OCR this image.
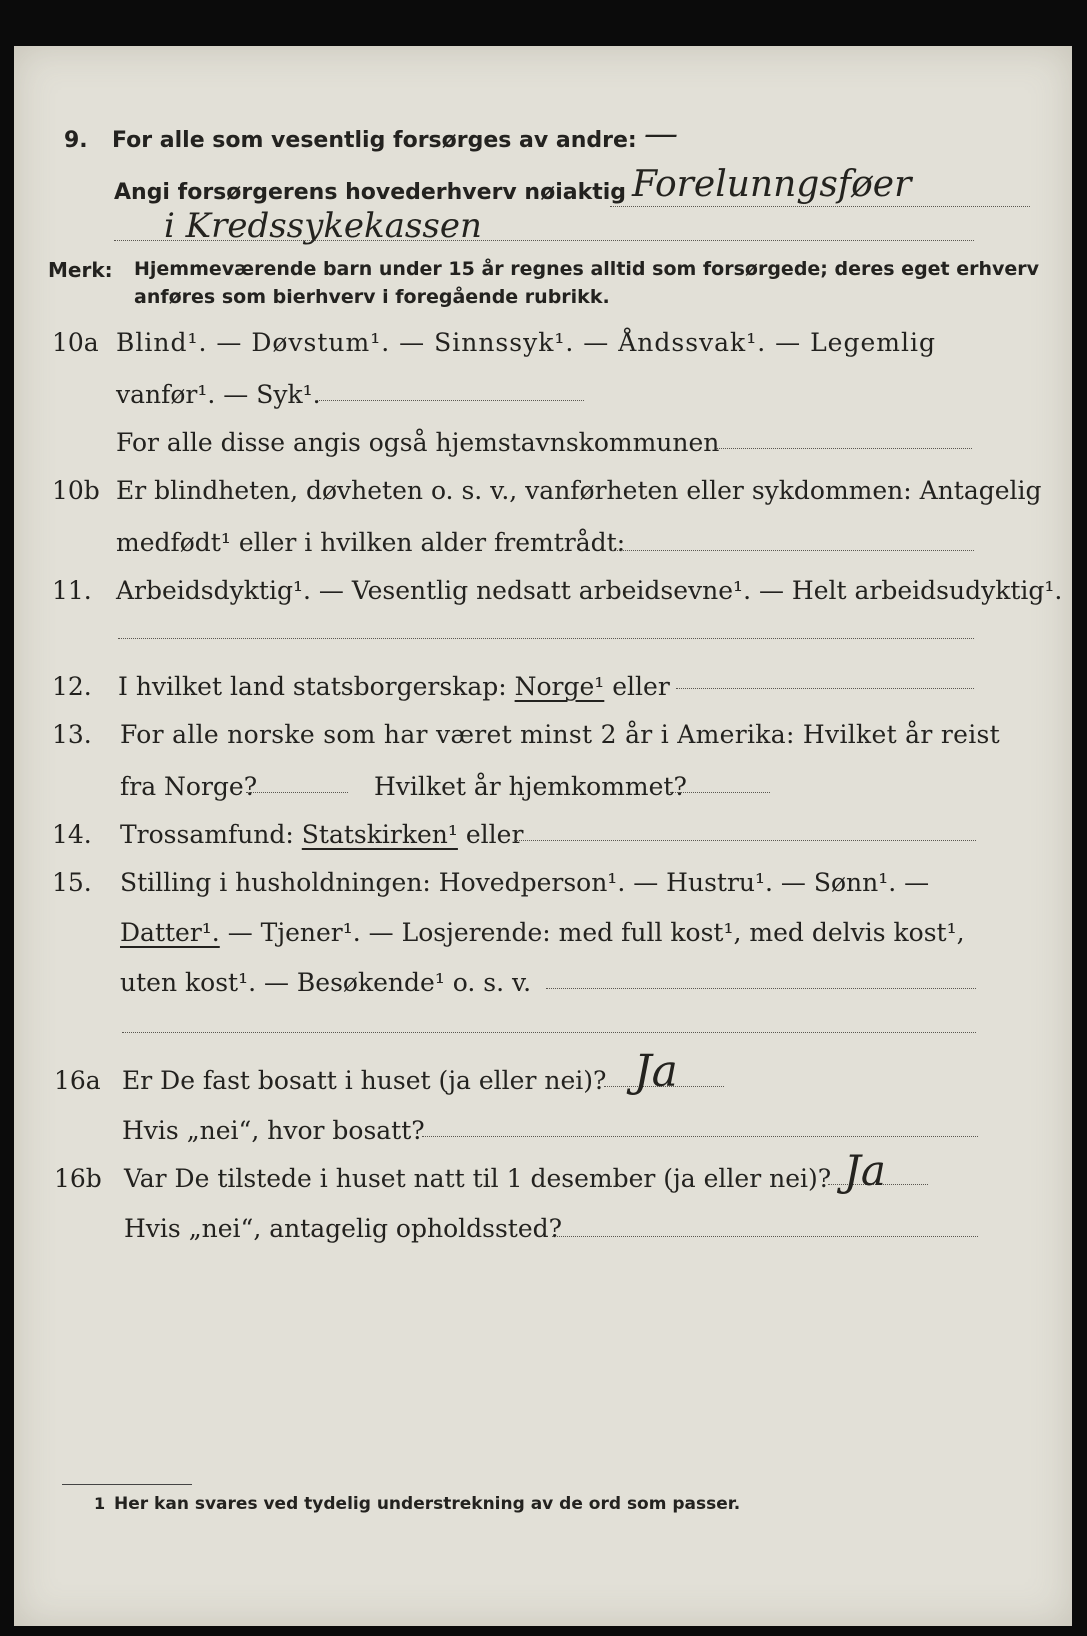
9.	For alle som vesentlig forsørges av andre: —
Angi forsørgerens hovederhverv nøiaktig Forelunngsføer
i Kredssykekassen
Merk: Hjemmeværende barn under 15 år regnes alltid som forsørgede; deres eget erhverv
anføres som bierhverv i foregående rubrikk.
10a Blind¹. — Døvstum¹. — Sinnssyk¹. — Åndssvak¹. — Legemlig
vanfør¹. — Syk¹.
For alle disse angis også hjemstavnskommunen
10b Er blindheten, døvheten o. s. v., vanførheten eller sykdommen: Antagelig
medfødt¹ eller i hvilken alder fremtrådt:
11. Arbeidsdyktig¹. — Vesentlig nedsatt arbeidsevne¹. — Helt arbeidsudyktig¹.
12.	I hvilket land statsborgerskap: Norge¹ eller
13.	For alle norske som har været minst 2 år i Amerika: Hvilket år reist
fra Norge?	Hvilket år hjemkommet?
14.	Trossamfund: Statskirken¹ eller
15.	Stilling i husholdningen: Hovedperson¹. — Hustru¹. — Sønn¹. —
Datter¹. — Tjener¹. — Losjerende: med full kost¹, med delvis kost¹,
uten kost¹. — Besøkende¹ o. s. v.
16a Er De fast bosatt i huset (ja eller nei)? Ja
Hvis „nei“, hvor bosatt?
16b Var De tilstede i huset natt til 1 desember (ja eller nei)? Ja
Hvis „nei“, antagelig opholdssted?
1 Her kan svares ved tydelig understrekning av de ord som passer.
